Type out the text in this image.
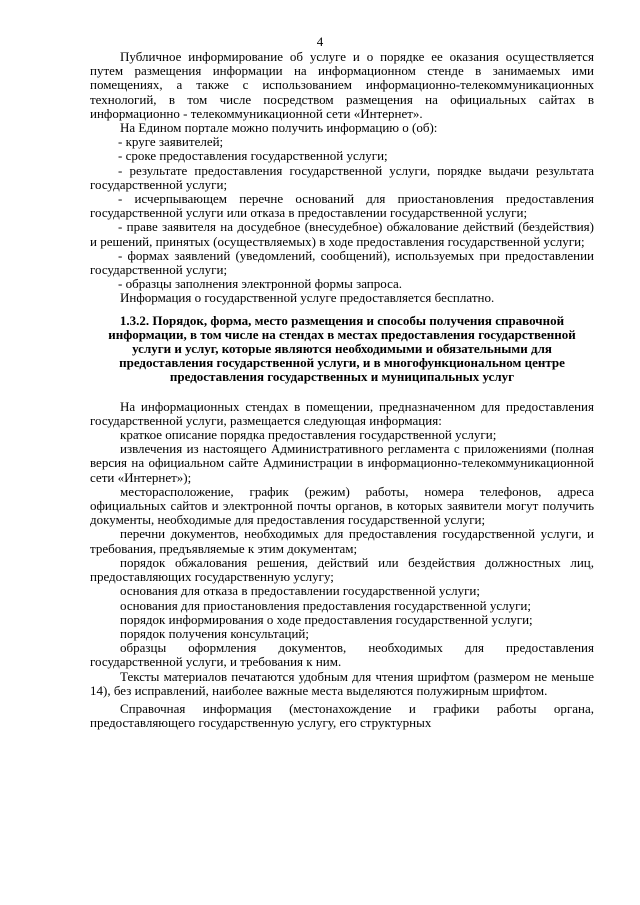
4

Публичное информирование об услуге и о порядке ее оказания осуществляется путем размещения информации на информационном стенде в занимаемых ими помещениях, а также с использованием информационно-телекоммуникационных технологий, в том числе посредством размещения на официальных сайтах в информационно - телекоммуникационной сети «Интернет».

На Едином портале можно получить информацию о (об):

- круге заявителей;

- сроке предоставления государственной услуги;

- результате предоставления государственной услуги, порядке выдачи результата государственной услуги;

- исчерпывающем перечне оснований для приостановления предоставления государственной услуги или отказа в предоставлении государственной услуги;

- праве заявителя на досудебное (внесудебное) обжалование действий (бездействия) и решений, принятых (осуществляемых) в ходе предоставления государственной услуги;

- формах заявлений (уведомлений, сообщений), используемых при предоставлении государственной услуги;

- образцы заполнения электронной формы запроса.

Информация о государственной услуге предоставляется бесплатно.

1.3.2. Порядок, форма, место размещения и способы получения справочной информации, в том числе на стендах в местах предоставления государственной услуги и услуг, которые являются необходимыми и обязательными для предоставления государственной услуги, и в многофункциональном центре предоставления государственных и муниципальных услуг

На информационных стендах в помещении, предназначенном для предоставления государственной услуги, размещается следующая информация:

краткое описание порядка предоставления государственной услуги;

извлечения из настоящего Административного регламента с приложениями (полная версия на официальном сайте Администрации в информационно-телекоммуникационной сети «Интернет»);

месторасположение, график (режим) работы, номера телефонов, адреса официальных сайтов и электронной почты органов, в которых заявители могут получить документы, необходимые для предоставления государственной услуги;

перечни документов, необходимых для предоставления государственной услуги, и требования, предъявляемые к этим документам;

порядок обжалования решения, действий или бездействия должностных лиц, предоставляющих государственную услугу;

основания для отказа в предоставлении государственной услуги;

основания для приостановления предоставления государственной услуги;

порядок информирования о ходе предоставления государственной услуги;

порядок получения консультаций;

образцы оформления документов, необходимых для предоставления государственной услуги, и требования к ним.

Тексты материалов печатаются удобным для чтения шрифтом (размером не меньше 14), без исправлений, наиболее важные места выделяются полужирным шрифтом.

Справочная информация (местонахождение и графики работы органа, предоставляющего государственную услугу, его структурных
